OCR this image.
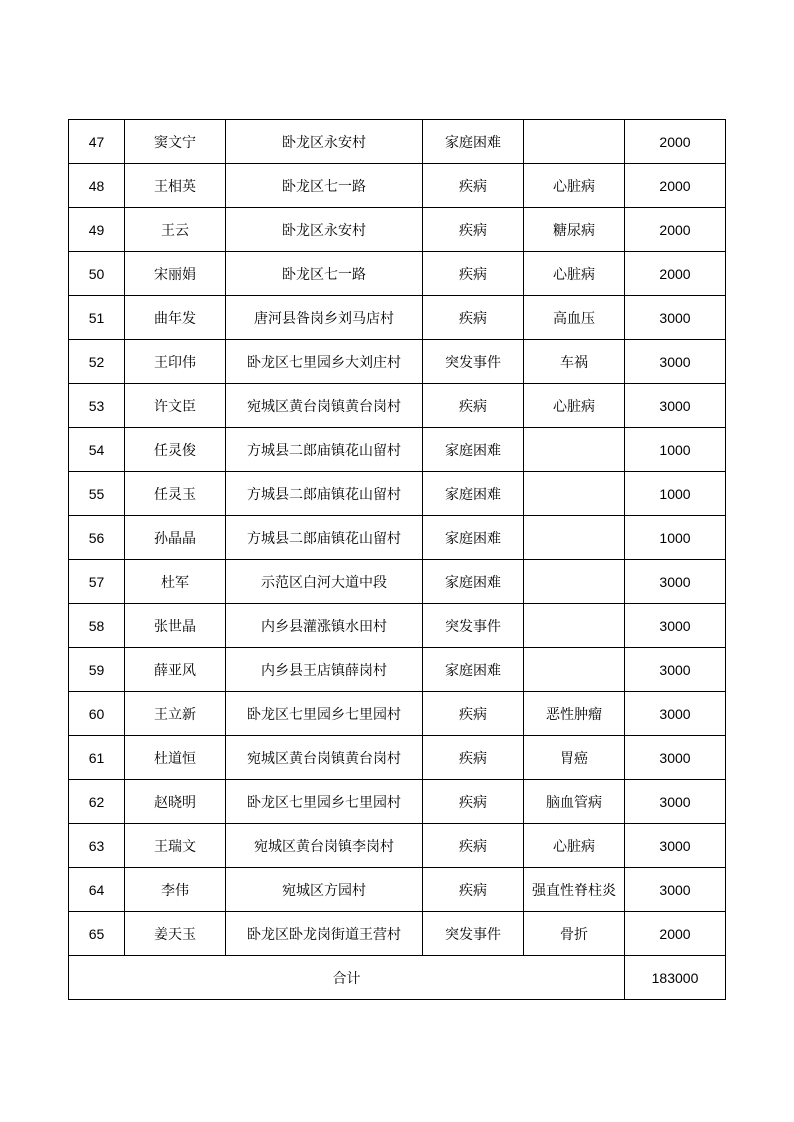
47	窦文宁	卧龙区永安村	家庭困难		2000
48	王相英	卧龙区七一路	疾病	心脏病	2000
49	王云	卧龙区永安村	疾病	糖尿病	2000
50	宋丽娟	卧龙区七一路	疾病	心脏病	2000
51	曲年发	唐河县昝岗乡刘马店村	疾病	高血压	3000
52	王印伟	卧龙区七里园乡大刘庄村	突发事件	车祸	3000
53	许文臣	宛城区黄台岗镇黄台岗村	疾病	心脏病	3000
54	任灵俊	方城县二郎庙镇花山留村	家庭困难		1000
55	任灵玉	方城县二郎庙镇花山留村	家庭困难		1000
56	孙晶晶	方城县二郎庙镇花山留村	家庭困难		1000
57	杜军	示范区白河大道中段	家庭困难		3000
58	张世晶	内乡县灌涨镇水田村	突发事件		3000
59	薛亚风	内乡县王店镇薛岗村	家庭困难		3000
60	王立新	卧龙区七里园乡七里园村	疾病	恶性肿瘤	3000
61	杜道恒	宛城区黄台岗镇黄台岗村	疾病	胃癌	3000
62	赵晓明	卧龙区七里园乡七里园村	疾病	脑血管病	3000
63	王瑞文	宛城区黄台岗镇李岗村	疾病	心脏病	3000
64	李伟	宛城区方园村	疾病	强直性脊柱炎	3000
65	姜天玉	卧龙区卧龙岗街道王营村	突发事件	骨折	2000
合计					183000
